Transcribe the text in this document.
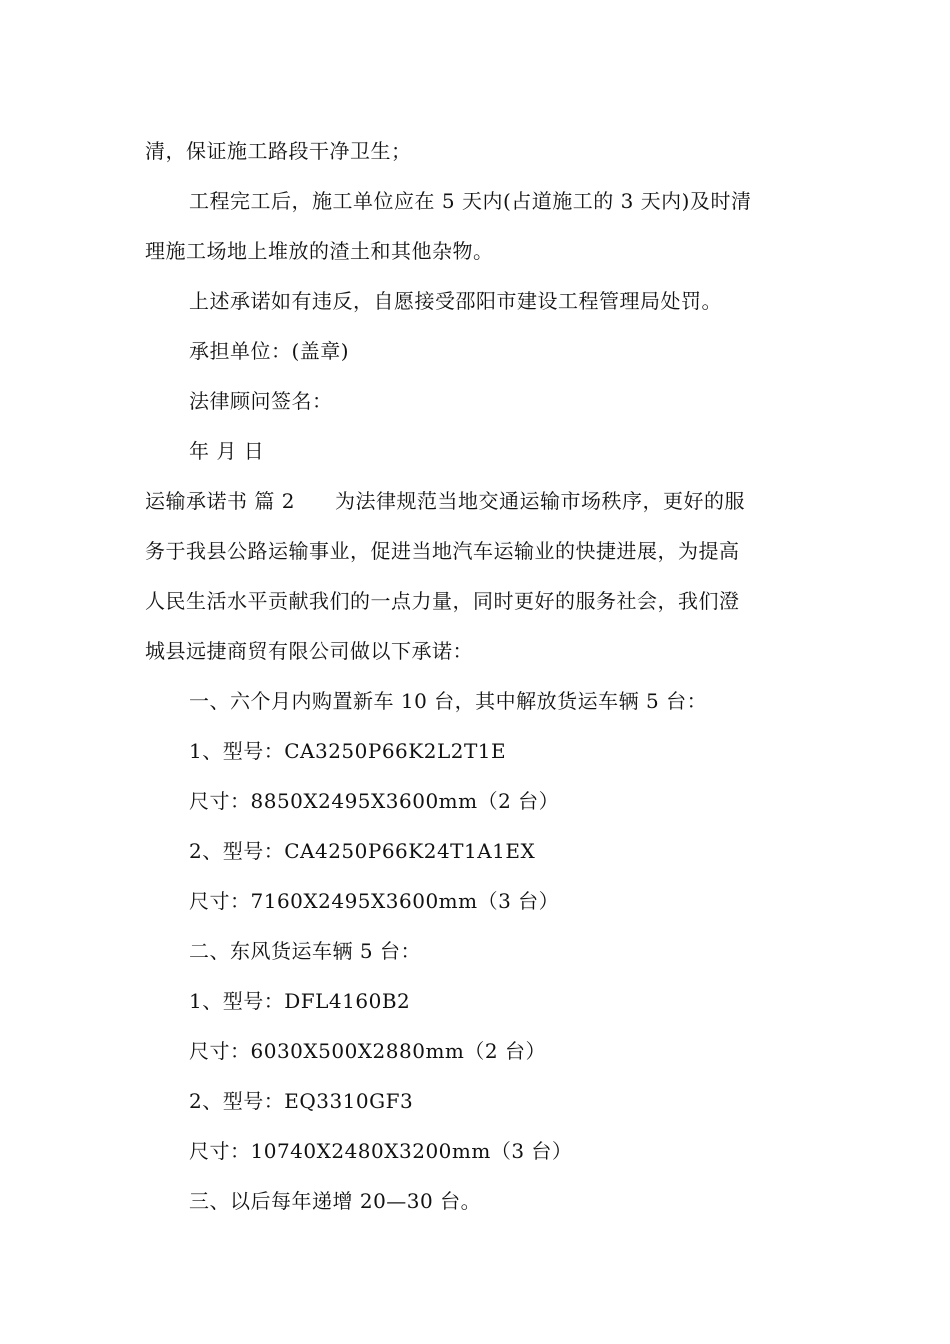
清，保证施工路段干净卫生；
工程完工后，施工单位应在 5 天内(占道施工的 3 天内)及时清
理施工场地上堆放的渣土和其他杂物。
上述承诺如有违反，自愿接受邵阳市建设工程管理局处罚。
承担单位：(盖章)
法律顾问签名：
年 月 日
运输承诺书 篇 2 为法律规范当地交通运输市场秩序，更好的服
务于我县公路运输事业，促进当地汽车运输业的快捷进展，为提高
人民生活水平贡献我们的一点力量，同时更好的服务社会，我们澄
城县远捷商贸有限公司做以下承诺：
一、六个月内购置新车 10 台，其中解放货运车辆 5 台：
1、型号：CA3250P66K2L2T1E
尺寸：8850X2495X3600mm（2 台）
2、型号：CA4250P66K24T1A1EX
尺寸：7160X2495X3600mm（3 台）
二、东风货运车辆 5 台：
1、型号：DFL4160B2
尺寸：6030X500X2880mm（2 台）
2、型号：EQ3310GF3
尺寸：10740X2480X3200mm（3 台）
三、以后每年递增 20—30 台。
